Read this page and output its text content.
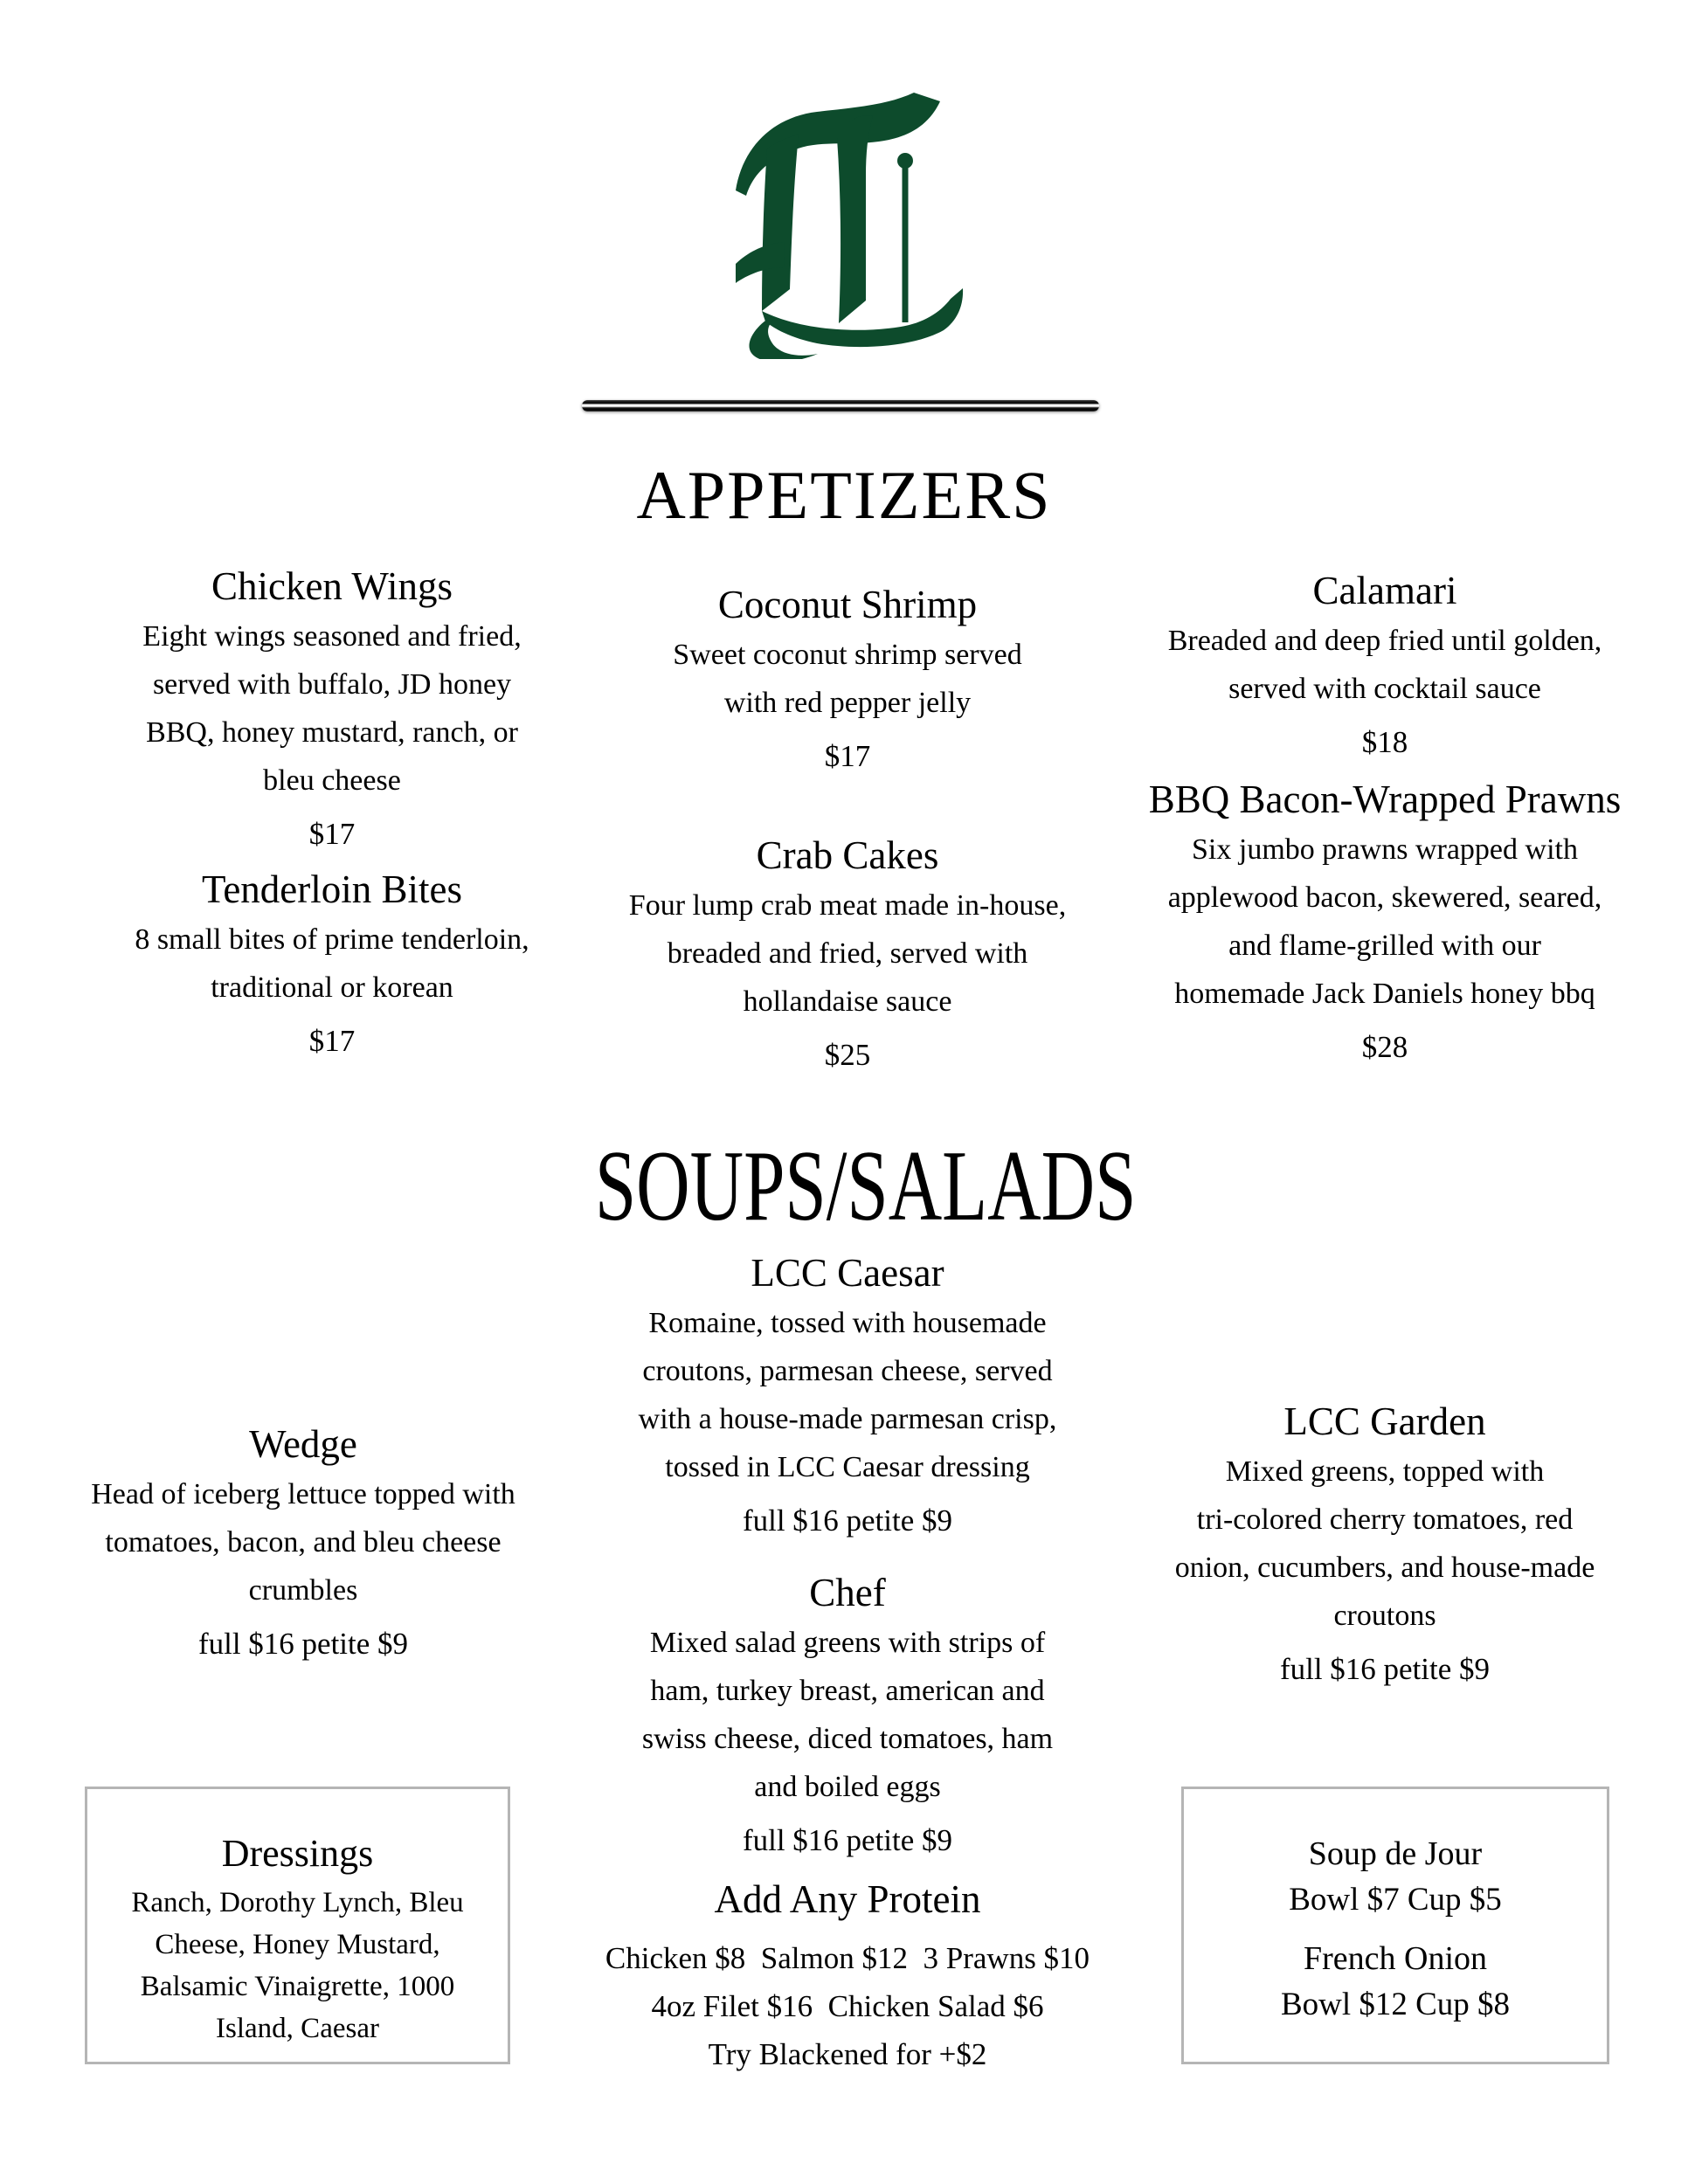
APPETIZERS
Chicken Wings
Eight wings seasoned and fried,
served with buffalo, JD honey
BBQ, honey mustard, ranch, or
bleu cheese
$17
Tenderloin Bites
8 small bites of prime tenderloin,
traditional or korean
$17
Coconut Shrimp
Sweet coconut shrimp served
with red pepper jelly
$17
Crab Cakes
Four lump crab meat made in-house,
breaded and fried, served with
hollandaise sauce
$25
Calamari
Breaded and deep fried until golden,
served with cocktail sauce
$18
BBQ Bacon-Wrapped Prawns
Six jumbo prawns wrapped with
applewood bacon, skewered, seared,
and flame-grilled with our
homemade Jack Daniels honey bbq
$28
SOUPS/SALADS
LCC Caesar
Romaine, tossed with housemade
croutons, parmesan cheese, served
with a house-made parmesan crisp,
tossed in LCC Caesar dressing
full $16 petite $9
Wedge
Head of iceberg lettuce topped with
tomatoes, bacon, and bleu cheese
crumbles
full $16 petite $9
LCC Garden
Mixed greens, topped with
tri-colored cherry tomatoes, red
onion, cucumbers, and house-made
croutons
full $16 petite $9
Chef
Mixed salad greens with strips of
ham, turkey breast, american and
swiss cheese, diced tomatoes, ham
and boiled eggs
full $16 petite $9
Dressings
Ranch, Dorothy Lynch, Bleu
Cheese, Honey Mustard,
Balsamic Vinaigrette, 1000
Island, Caesar
Add Any Protein
Chicken $8  Salmon $12  3 Prawns $10
4oz Filet $16  Chicken Salad $6
Try Blackened for +$2
Soup de Jour
Bowl $7 Cup $5
French Onion
Bowl $12 Cup $8
